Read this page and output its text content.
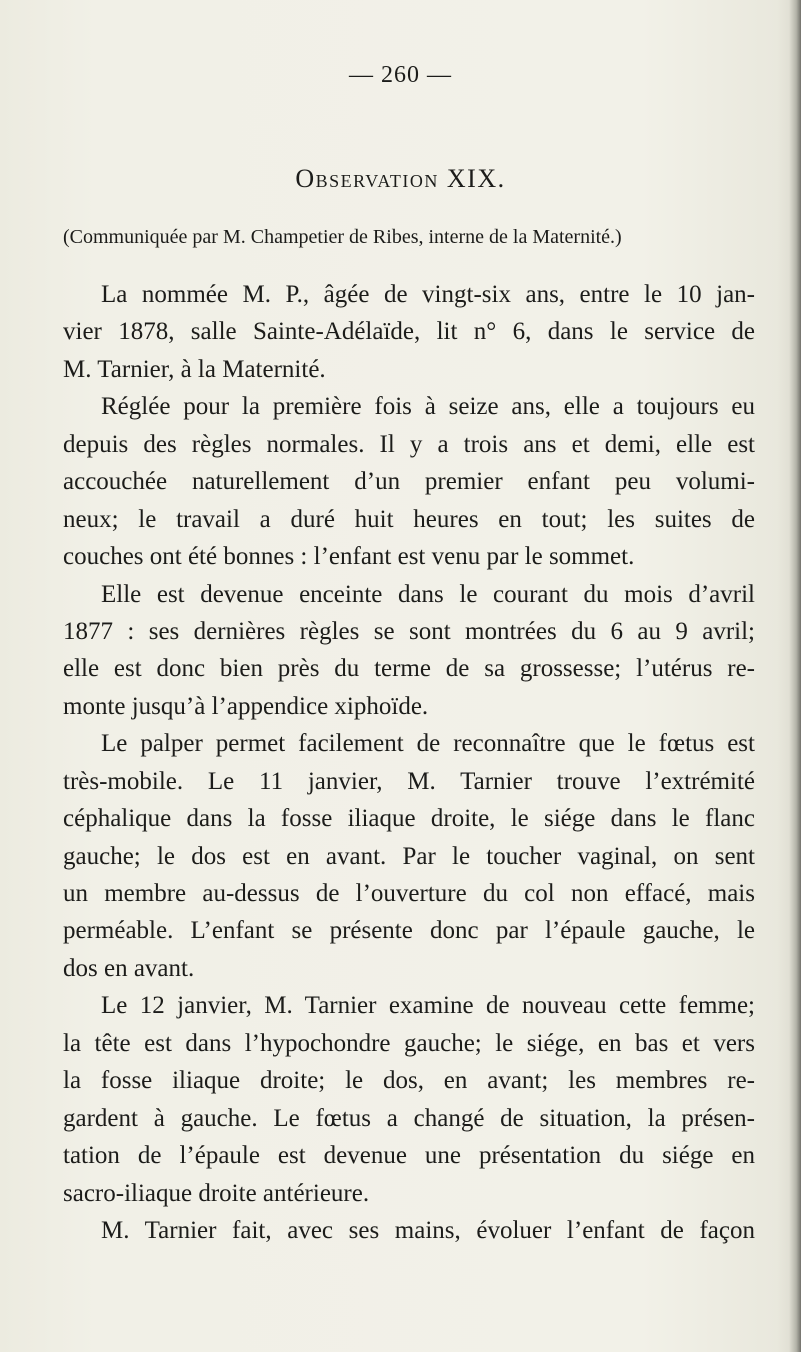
— 260 —
Observation XIX.
(Communiquée par M. Champetier de Ribes, interne de la Maternité.)
La nommée M. P., âgée de vingt-six ans, entre le 10 jan-
vier 1878, salle Sainte-Adélaïde, lit n° 6, dans le service de
M. Tarnier, à la Maternité.
Réglée pour la première fois à seize ans, elle a toujours eu
depuis des règles normales. Il y a trois ans et demi, elle est
accouchée naturellement d’un premier enfant peu volumi-
neux; le travail a duré huit heures en tout; les suites de
couches ont été bonnes : l’enfant est venu par le sommet.
Elle est devenue enceinte dans le courant du mois d’avril
1877 : ses dernières règles se sont montrées du 6 au 9 avril;
elle est donc bien près du terme de sa grossesse; l’utérus re-
monte jusqu’à l’appendice xiphoïde.
Le palper permet facilement de reconnaître que le fœtus est
très-mobile. Le 11 janvier, M. Tarnier trouve l’extrémité
céphalique dans la fosse iliaque droite, le siége dans le flanc
gauche; le dos est en avant. Par le toucher vaginal, on sent
un membre au-dessus de l’ouverture du col non effacé, mais
perméable. L’enfant se présente donc par l’épaule gauche, le
dos en avant.
Le 12 janvier, M. Tarnier examine de nouveau cette femme;
la tête est dans l’hypochondre gauche; le siége, en bas et vers
la fosse iliaque droite; le dos, en avant; les membres re-
gardent à gauche. Le fœtus a changé de situation, la présen-
tation de l’épaule est devenue une présentation du siége en
sacro-iliaque droite antérieure.
M. Tarnier fait, avec ses mains, évoluer l’enfant de façon
